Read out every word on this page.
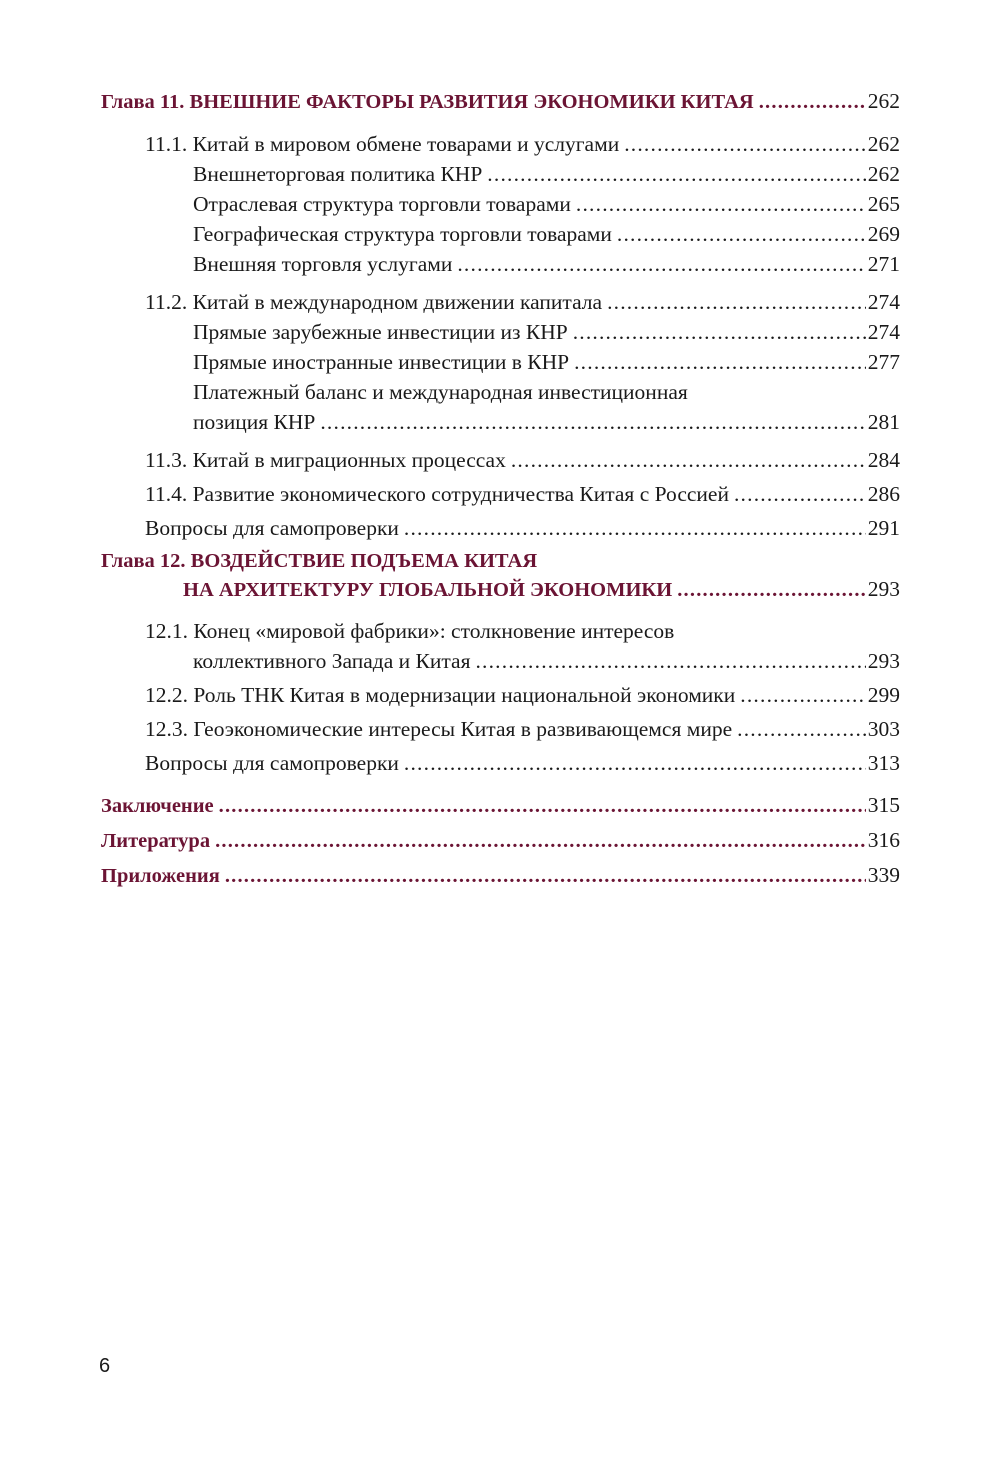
Глава 11. ВНЕШНИЕ ФАКТОРЫ РАЗВИТИЯ ЭКОНОМИКИ КИТАЯ .....	262
11.1. Китай в мировом обмене товарами и услугами .....	262
Внешнеторговая политика КНР .....	262
Отраслевая структура торговли товарами .....	265
Географическая структура торговли товарами .....	269
Внешняя торговля услугами .....	271
11.2. Китай в международном движении капитала .....	274
Прямые зарубежные инвестиции из КНР .....	274
Прямые иностранные инвестиции в КНР .....	277
Платежный баланс и международная инвестиционная
позиция КНР .....	281
11.3. Китай в миграционных процессах .....	284
11.4. Развитие экономического сотрудничества Китая с Россией .....	286
Вопросы для самопроверки .....	291
Глава 12. ВОЗДЕЙСТВИЕ ПОДЪЕМА КИТАЯ
НА АРХИТЕКТУРУ ГЛОБАЛЬНОЙ ЭКОНОМИКИ .....	293
12.1. Конец «мировой фабрики»: столкновение интересов
коллективного Запада и Китая .....	293
12.2. Роль ТНК Китая в модернизации национальной экономики .....	299
12.3. Геоэкономические интересы Китая в развивающемся мире .....	303
Вопросы для самопроверки .....	313
Заключение .....	315
Литература .....	316
Приложения .....	339
6
